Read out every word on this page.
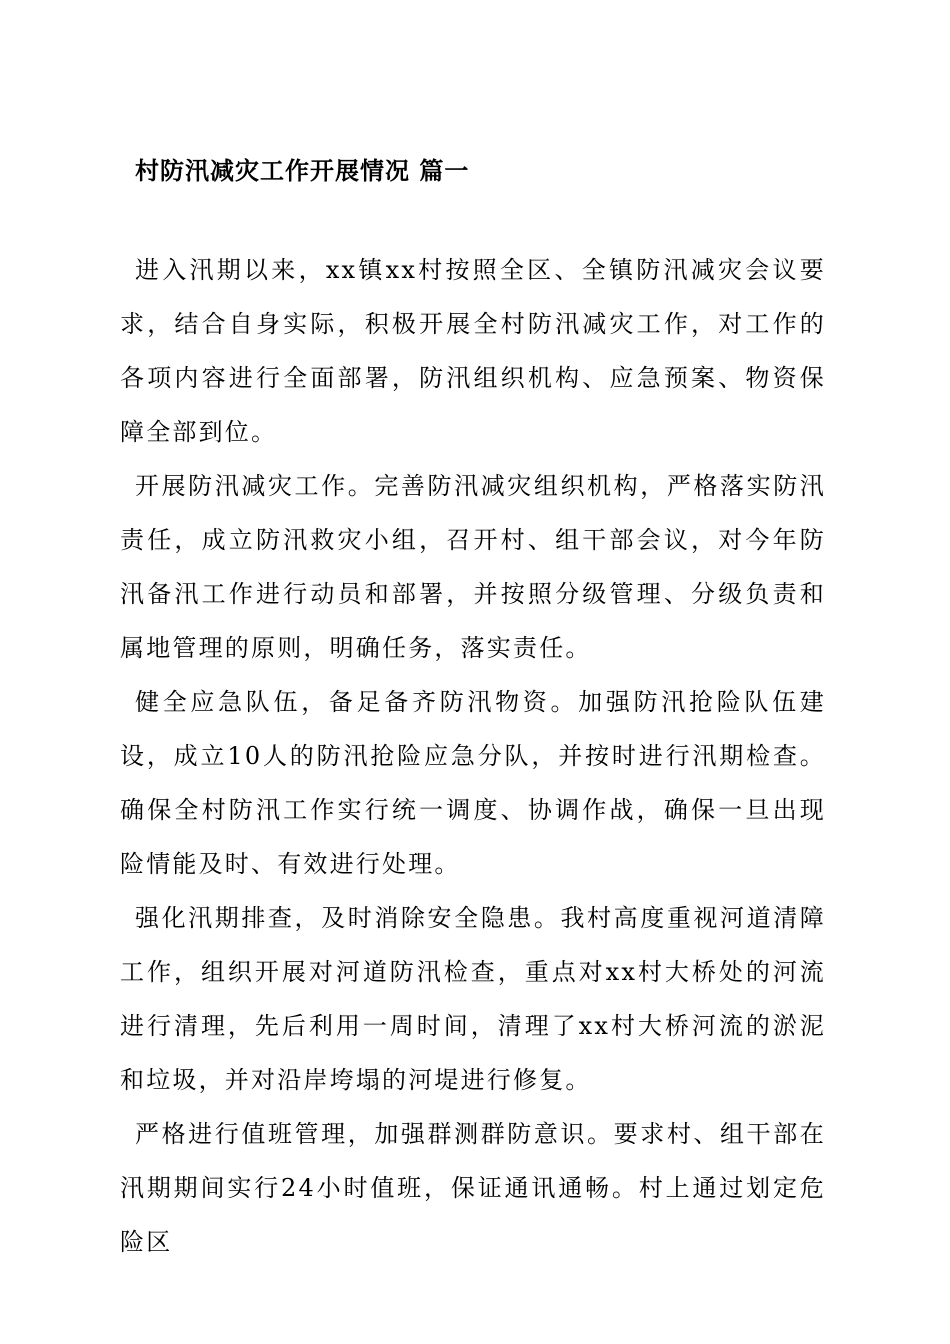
村防汛减灾工作开展情况 篇一

进入汛期以来，xx镇xx村按照全区、全镇防汛减灾会议要求，结合自身实际，积极开展全村防汛减灾工作，对工作的各项内容进行全面部署，防汛组织机构、应急预案、物资保障全部到位。

开展防汛减灾工作。完善防汛减灾组织机构，严格落实防汛责任，成立防汛救灾小组，召开村、组干部会议，对今年防汛备汛工作进行动员和部署，并按照分级管理、分级负责和属地管理的原则，明确任务，落实责任。

健全应急队伍，备足备齐防汛物资。加强防汛抢险队伍建设，成立10人的防汛抢险应急分队，并按时进行汛期检查。确保全村防汛工作实行统一调度、协调作战，确保一旦出现险情能及时、有效进行处理。

强化汛期排查，及时消除安全隐患。我村高度重视河道清障工作，组织开展对河道防汛检查，重点对xx村大桥处的河流进行清理，先后利用一周时间，清理了xx村大桥河流的淤泥和垃圾，并对沿岸垮塌的河堤进行修复。

严格进行值班管理，加强群测群防意识。要求村、组干部在汛期期间实行24小时值班，保证通讯通畅。村上通过划定危险区
